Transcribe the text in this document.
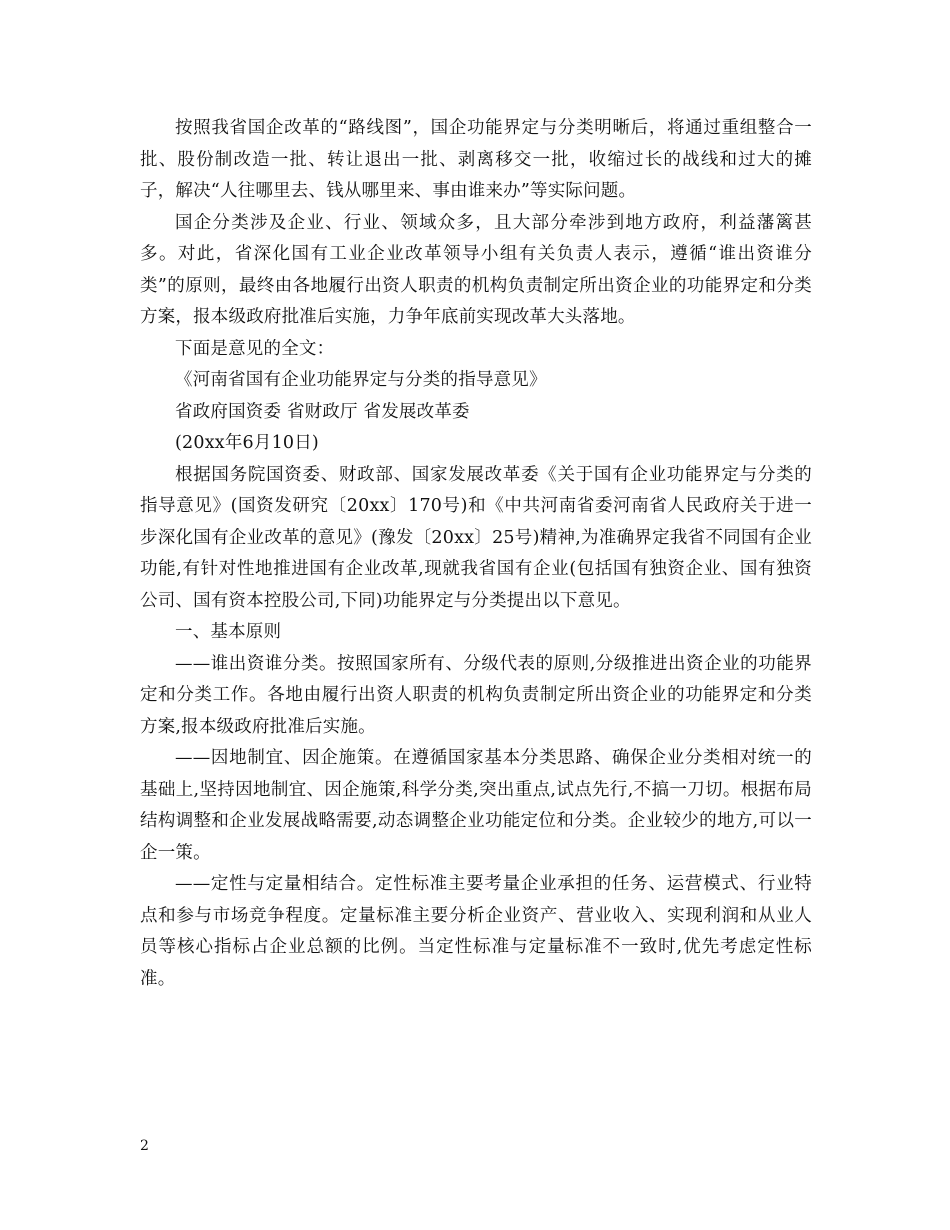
按照我省国企改革的“路线图”，国企功能界定与分类明晰后，将通过重组整合一批、股份制改造一批、转让退出一批、剥离移交一批，收缩过长的战线和过大的摊子，解决“人往哪里去、钱从哪里来、事由谁来办”等实际问题。

国企分类涉及企业、行业、领域众多，且大部分牵涉到地方政府，利益藩篱甚多。对此，省深化国有工业企业改革领导小组有关负责人表示，遵循“谁出资谁分类”的原则，最终由各地履行出资人职责的机构负责制定所出资企业的功能界定和分类方案，报本级政府批准后实施，力争年底前实现改革大头落地。

下面是意见的全文：

《河南省国有企业功能界定与分类的指导意见》

省政府国资委 省财政厅 省发展改革委

(20xx年6月10日)

根据国务院国资委、财政部、国家发展改革委《关于国有企业功能界定与分类的指导意见》(国资发研究〔20xx〕170号)和《中共河南省委河南省人民政府关于进一步深化国有企业改革的意见》(豫发〔20xx〕25号)精神,为准确界定我省不同国有企业功能,有针对性地推进国有企业改革,现就我省国有企业(包括国有独资企业、国有独资公司、国有资本控股公司,下同)功能界定与分类提出以下意见。

一、基本原则

——谁出资谁分类。按照国家所有、分级代表的原则,分级推进出资企业的功能界定和分类工作。各地由履行出资人职责的机构负责制定所出资企业的功能界定和分类方案,报本级政府批准后实施。

——因地制宜、因企施策。在遵循国家基本分类思路、确保企业分类相对统一的基础上,坚持因地制宜、因企施策,科学分类,突出重点,试点先行,不搞一刀切。根据布局结构调整和企业发展战略需要,动态调整企业功能定位和分类。企业较少的地方,可以一企一策。

——定性与定量相结合。定性标准主要考量企业承担的任务、运营模式、行业特点和参与市场竞争程度。定量标准主要分析企业资产、营业收入、实现利润和从业人员等核心指标占企业总额的比例。当定性标准与定量标准不一致时,优先考虑定性标准。

2
